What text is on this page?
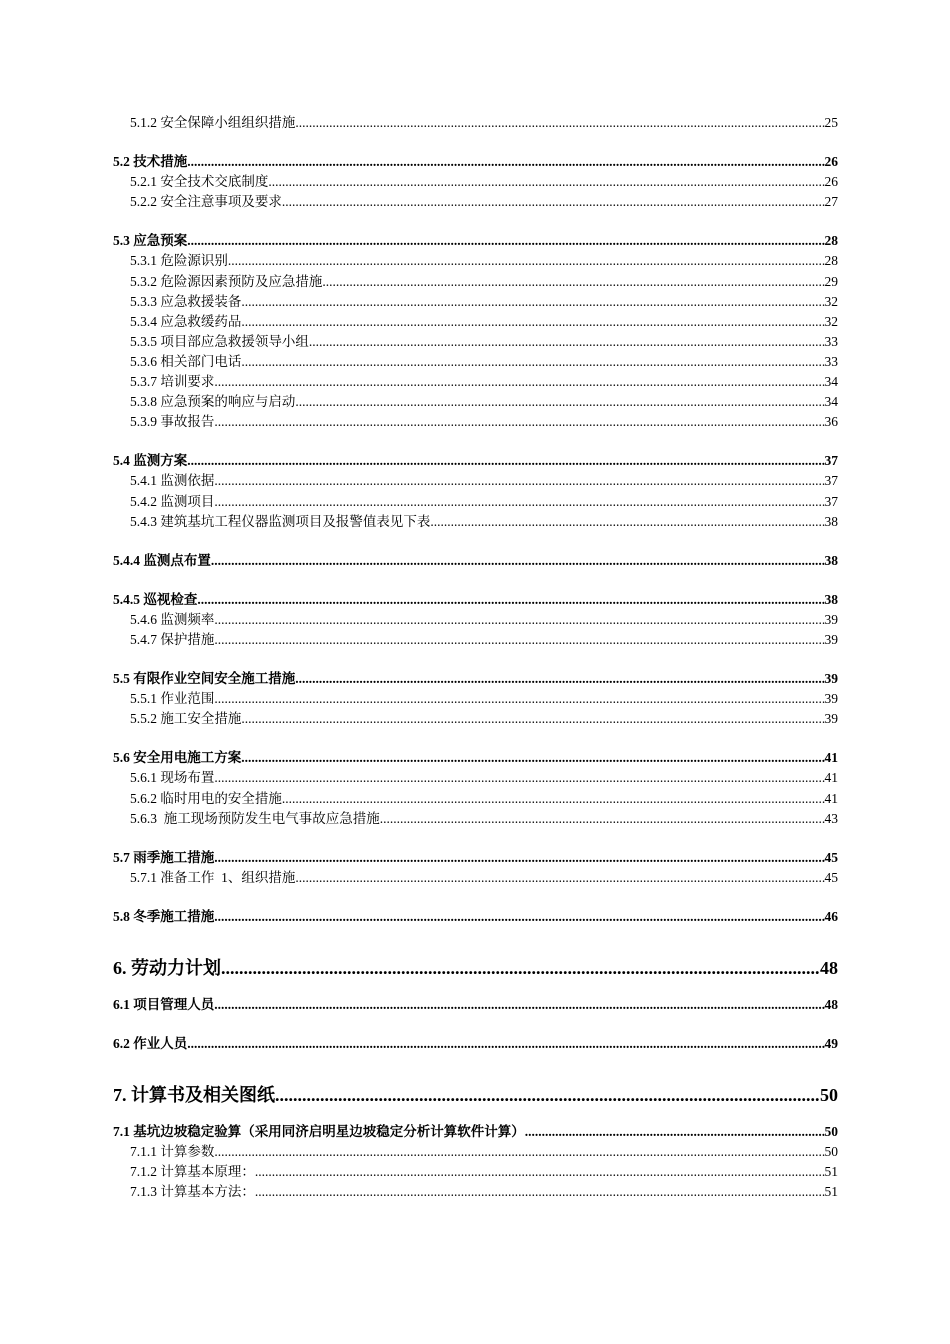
5.1.2 安全保障小组组织措施 .....	25
5.2 技术措施 .....	26
5.2.1 安全技术交底制度 .....	26
5.2.2 安全注意事项及要求 .....	27
5.3 应急预案 .....	28
5.3.1 危险源识别 .....	28
5.3.2 危险源因素预防及应急措施 .....	29
5.3.3 应急救援装备 .....	32
5.3.4 应急救缓药品 .....	32
5.3.5 项目部应急救援领导小组 .....	33
5.3.6 相关部门电话 .....	33
5.3.7 培训要求 .....	34
5.3.8 应急预案的响应与启动 .....	34
5.3.9 事故报告 .....	36
5.4 监测方案 .....	37
5.4.1 监测依据 .....	37
5.4.2 监测项目 .....	37
5.4.3 建筑基坑工程仪器监测项目及报警值表见下表 .....	38
5.4.4 监测点布置 .....	38
5.4.5 巡视检查 .....	38
5.4.6 监测频率 .....	39
5.4.7 保护措施 .....	39
5.5 有限作业空间安全施工措施 .....	39
5.5.1 作业范围 .....	39
5.5.2 施工安全措施 .....	39
5.6 安全用电施工方案 .....	41
5.6.1 现场布置 .....	41
5.6.2 临时用电的安全措施 .....	41
5.6.3  施工现场预防发生电气事故应急措施 .....	43
5.7 雨季施工措施 .....	45
5.7.1 准备工作  1、组织措施 .....	45
5.8 冬季施工措施 .....	46
6. 劳动力计划 .....	48
6.1 项目管理人员 .....	48
6.2 作业人员 .....	49
7. 计算书及相关图纸 .....	50
7.1 基坑边坡稳定验算（采用同济启明星边坡稳定分析计算软件计算） .....	50
7.1.1 计算参数 .....	50
7.1.2 计算基本原理： .....	51
7.1.3 计算基本方法： .....	51
